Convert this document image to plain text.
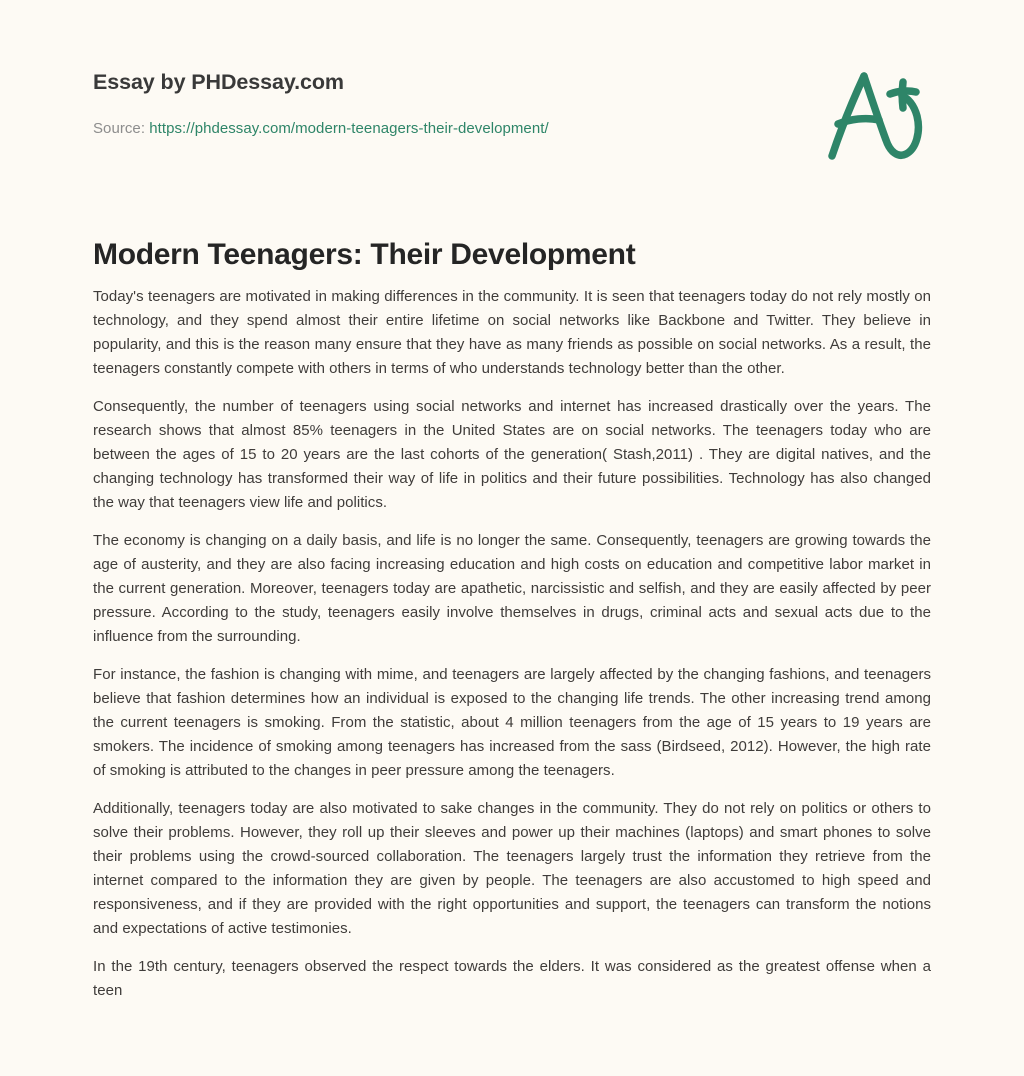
Essay by PHDessay.com
Source: https://phdessay.com/modern-teenagers-their-development/
Modern Teenagers: Their Development

Today's teenagers are motivated in making differences in the community. It is seen that teenagers today do not rely mostly on technology, and they spend almost their entire lifetime on social networks like Backbone and Twitter. They believe in popularity, and this is the reason many ensure that they have as many friends as possible on social networks. As a result, the teenagers constantly compete with others in terms of who understands technology better than the other.

Consequently, the number of teenagers using social networks and internet has increased drastically over the years. The research shows that almost 85% teenagers in the United States are on social networks. The teenagers today who are between the ages of 15 to 20 years are the last cohorts of the generation( Stash,2011) . They are digital natives, and the changing technology has transformed their way of life in politics and their future possibilities. Technology has also changed the way that teenagers view life and politics.

The economy is changing on a daily basis, and life is no longer the same. Consequently, teenagers are growing towards the age of austerity, and they are also facing increasing education and high costs on education and competitive labor market in the current generation. Moreover, teenagers today are apathetic, narcissistic and selfish, and they are easily affected by peer pressure. According to the study, teenagers easily involve themselves in drugs, criminal acts and sexual acts due to the influence from the surrounding.

For instance, the fashion is changing with mime, and teenagers are largely affected by the changing fashions, and teenagers believe that fashion determines how an individual is exposed to the changing life trends. The other increasing trend among the current teenagers is smoking. From the statistic, about 4 million teenagers from the age of 15 years to 19 years are smokers. The incidence of smoking among teenagers has increased from the sass (Birdseed, 2012). However, the high rate of smoking is attributed to the changes in peer pressure among the teenagers.

Additionally, teenagers today are also motivated to sake changes in the community. They do not rely on politics or others to solve their problems. However, they roll up their sleeves and power up their machines (laptops) and smart phones to solve their problems using the crowd-sourced collaboration. The teenagers largely trust the information they retrieve from the internet compared to the information they are given by people. The teenagers are also accustomed to high speed and responsiveness, and if they are provided with the right opportunities and support, the teenagers can transform the notions and expectations of active testimonies.

In the 19th century, teenagers observed the respect towards the elders. It was considered as the greatest offense when a teen
